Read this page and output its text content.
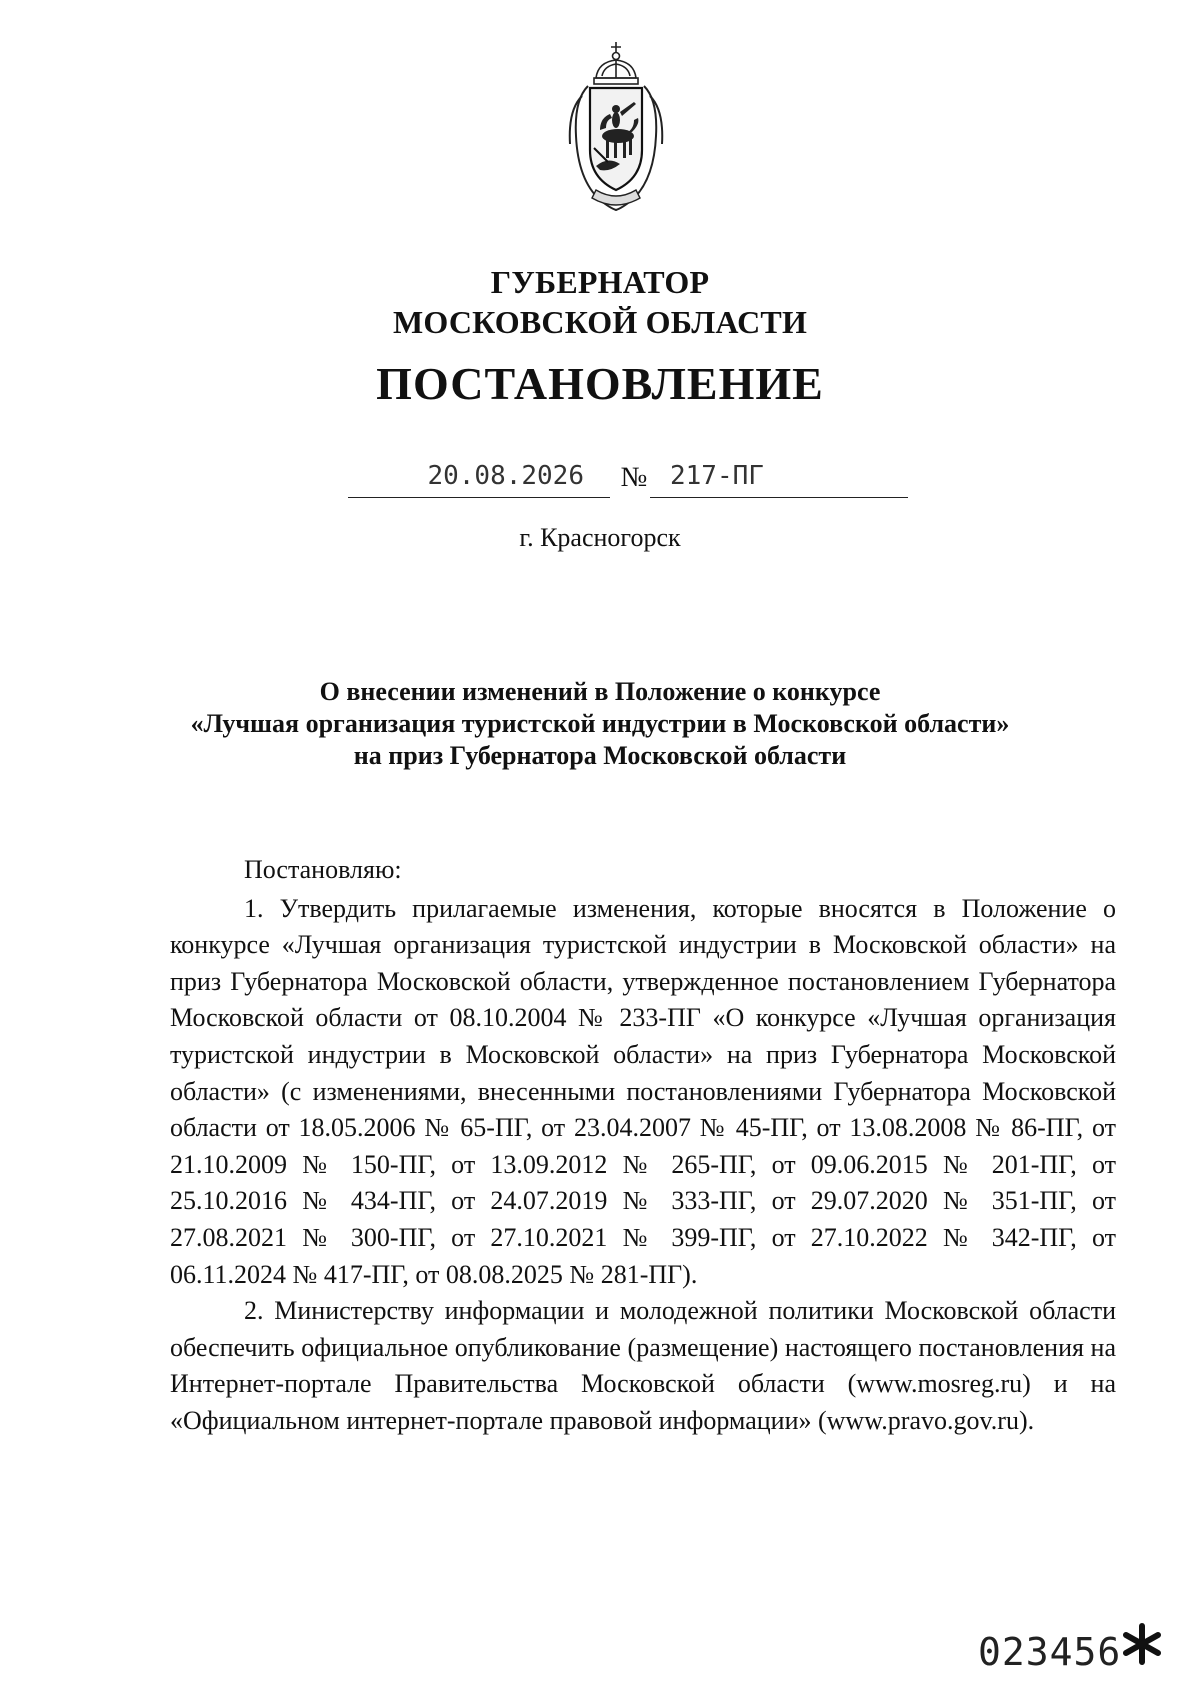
ГУБЕРНАТОР
МОСКОВСКОЙ ОБЛАСТИ
ПОСТАНОВЛЕНИЕ
20.08.2026 № 217-ПГ
г. Красногорск
О внесении изменений в Положение о конкурсе
«Лучшая организация туристской индустрии в Московской области»
на приз Губернатора Московской области

Постановляю:

1. Утвердить прилагаемые изменения, которые вносятся в Положение о конкурсе «Лучшая организация туристской индустрии в Московской области» на приз Губернатора Московской области, утвержденное постановлением Губернатора Московской области от 08.10.2004 № 233-ПГ «О конкурсе «Лучшая организация туристской индустрии в Московской области» на приз Губернатора Московской области» (с изменениями, внесенными постановлениями Губернатора Московской области от 18.05.2006 № 65-ПГ, от 23.04.2007 № 45-ПГ, от 13.08.2008 № 86-ПГ, от 21.10.2009 № 150-ПГ, от 13.09.2012 № 265-ПГ, от 09.06.2015 № 201-ПГ, от 25.10.2016 № 434-ПГ, от 24.07.2019 № 333-ПГ, от 29.07.2020 № 351-ПГ, от 27.08.2021 № 300-ПГ, от 27.10.2021 № 399-ПГ, от 27.10.2022 № 342-ПГ, от 06.11.2024 № 417-ПГ, от 08.08.2025 № 281-ПГ).

2. Министерству информации и молодежной политики Московской области обеспечить официальное опубликование (размещение) настоящего постановления на Интернет-портале Правительства Московской области (www.mosreg.ru) и на «Официальном интернет-портале правовой информации» (www.pravo.gov.ru).

023456
